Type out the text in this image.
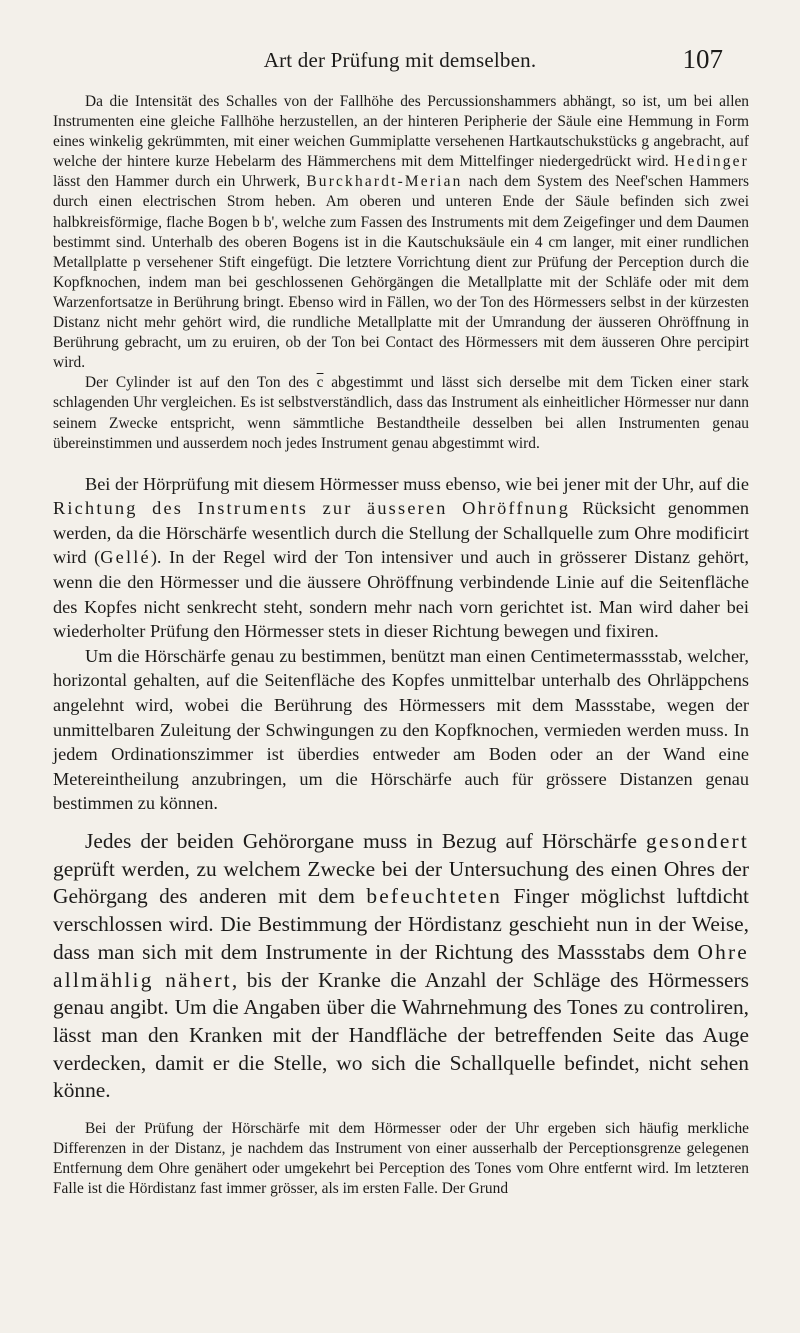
Art der Prüfung mit demselben.	107

Da die Intensität des Schalles von der Fallhöhe des Percussionshammers abhängt, so ist, um bei allen Instrumenten eine gleiche Fallhöhe herzustellen, an der hinteren Peripherie der Säule eine Hemmung in Form eines winkelig gekrümmten, mit einer weichen Gummiplatte versehenen Hartkautschukstücks g angebracht, auf welche der hintere kurze Hebelarm des Hämmerchens mit dem Mittelfinger niedergedrückt wird. Hedinger lässt den Hammer durch ein Uhrwerk, Burckhardt-Merian nach dem System des Neef'schen Hammers durch einen electrischen Strom heben. Am oberen und unteren Ende der Säule befinden sich zwei halbkreisförmige, flache Bogen b b', welche zum Fassen des Instruments mit dem Zeigefinger und dem Daumen bestimmt sind. Unterhalb des oberen Bogens ist in die Kautschuksäule ein 4 cm langer, mit einer rundlichen Metallplatte p versehener Stift eingefügt. Die letztere Vorrichtung dient zur Prüfung der Perception durch die Kopfknochen, indem man bei geschlossenen Gehörgängen die Metallplatte mit der Schläfe oder mit dem Warzenfortsatze in Berührung bringt. Ebenso wird in Fällen, wo der Ton des Hörmessers selbst in der kürzesten Distanz nicht mehr gehört wird, die rundliche Metallplatte mit der Umrandung der äusseren Ohröffnung in Berührung gebracht, um zu eruiren, ob der Ton bei Contact des Hörmessers mit dem äusseren Ohre percipirt wird.

Der Cylinder ist auf den Ton des $\overline{c}$ abgestimmt und lässt sich derselbe mit dem Ticken einer stark schlagenden Uhr vergleichen. Es ist selbstverständlich, dass das Instrument als einheitlicher Hörmesser nur dann seinem Zwecke entspricht, wenn sämmtliche Bestandtheile desselben bei allen Instrumenten genau übereinstimmen und ausserdem noch jedes Instrument genau abgestimmt wird.

Bei der Hörprüfung mit diesem Hörmesser muss ebenso, wie bei jener mit der Uhr, auf die Richtung des Instruments zur äusseren Ohröffnung Rücksicht genommen werden, da die Hörschärfe wesentlich durch die Stellung der Schallquelle zum Ohre modificirt wird (Gellé). In der Regel wird der Ton intensiver und auch in grösserer Distanz gehört, wenn die den Hörmesser und die äussere Ohröffnung verbindende Linie auf die Seitenfläche des Kopfes nicht senkrecht steht, sondern mehr nach vorn gerichtet ist. Man wird daher bei wiederholter Prüfung den Hörmesser stets in dieser Richtung bewegen und fixiren.

Um die Hörschärfe genau zu bestimmen, benützt man einen Centimetermassstab, welcher, horizontal gehalten, auf die Seitenfläche des Kopfes unmittelbar unterhalb des Ohrläppchens angelehnt wird, wobei die Berührung des Hörmessers mit dem Massstabe, wegen der unmittelbaren Zuleitung der Schwingungen zu den Kopfknochen, vermieden werden muss. In jedem Ordinationszimmer ist überdies entweder am Boden oder an der Wand eine Metereintheilung anzubringen, um die Hörschärfe auch für grössere Distanzen genau bestimmen zu können.

Jedes der beiden Gehörorgane muss in Bezug auf Hörschärfe gesondert geprüft werden, zu welchem Zwecke bei der Untersuchung des einen Ohres der Gehörgang des anderen mit dem befeuchteten Finger möglichst luftdicht verschlossen wird. Die Bestimmung der Hördistanz geschieht nun in der Weise, dass man sich mit dem Instrumente in der Richtung des Massstabs dem Ohre allmählig nähert, bis der Kranke die Anzahl der Schläge des Hörmessers genau angibt. Um die Angaben über die Wahrnehmung des Tones zu controliren, lässt man den Kranken mit der Handfläche der betreffenden Seite das Auge verdecken, damit er die Stelle, wo sich die Schallquelle befindet, nicht sehen könne.

Bei der Prüfung der Hörschärfe mit dem Hörmesser oder der Uhr ergeben sich häufig merkliche Differenzen in der Distanz, je nachdem das Instrument von einer ausserhalb der Perceptionsgrenze gelegenen Entfernung dem Ohre genähert oder umgekehrt bei Perception des Tones vom Ohre entfernt wird. Im letzteren Falle ist die Hördistanz fast immer grösser, als im ersten Falle. Der Grund
